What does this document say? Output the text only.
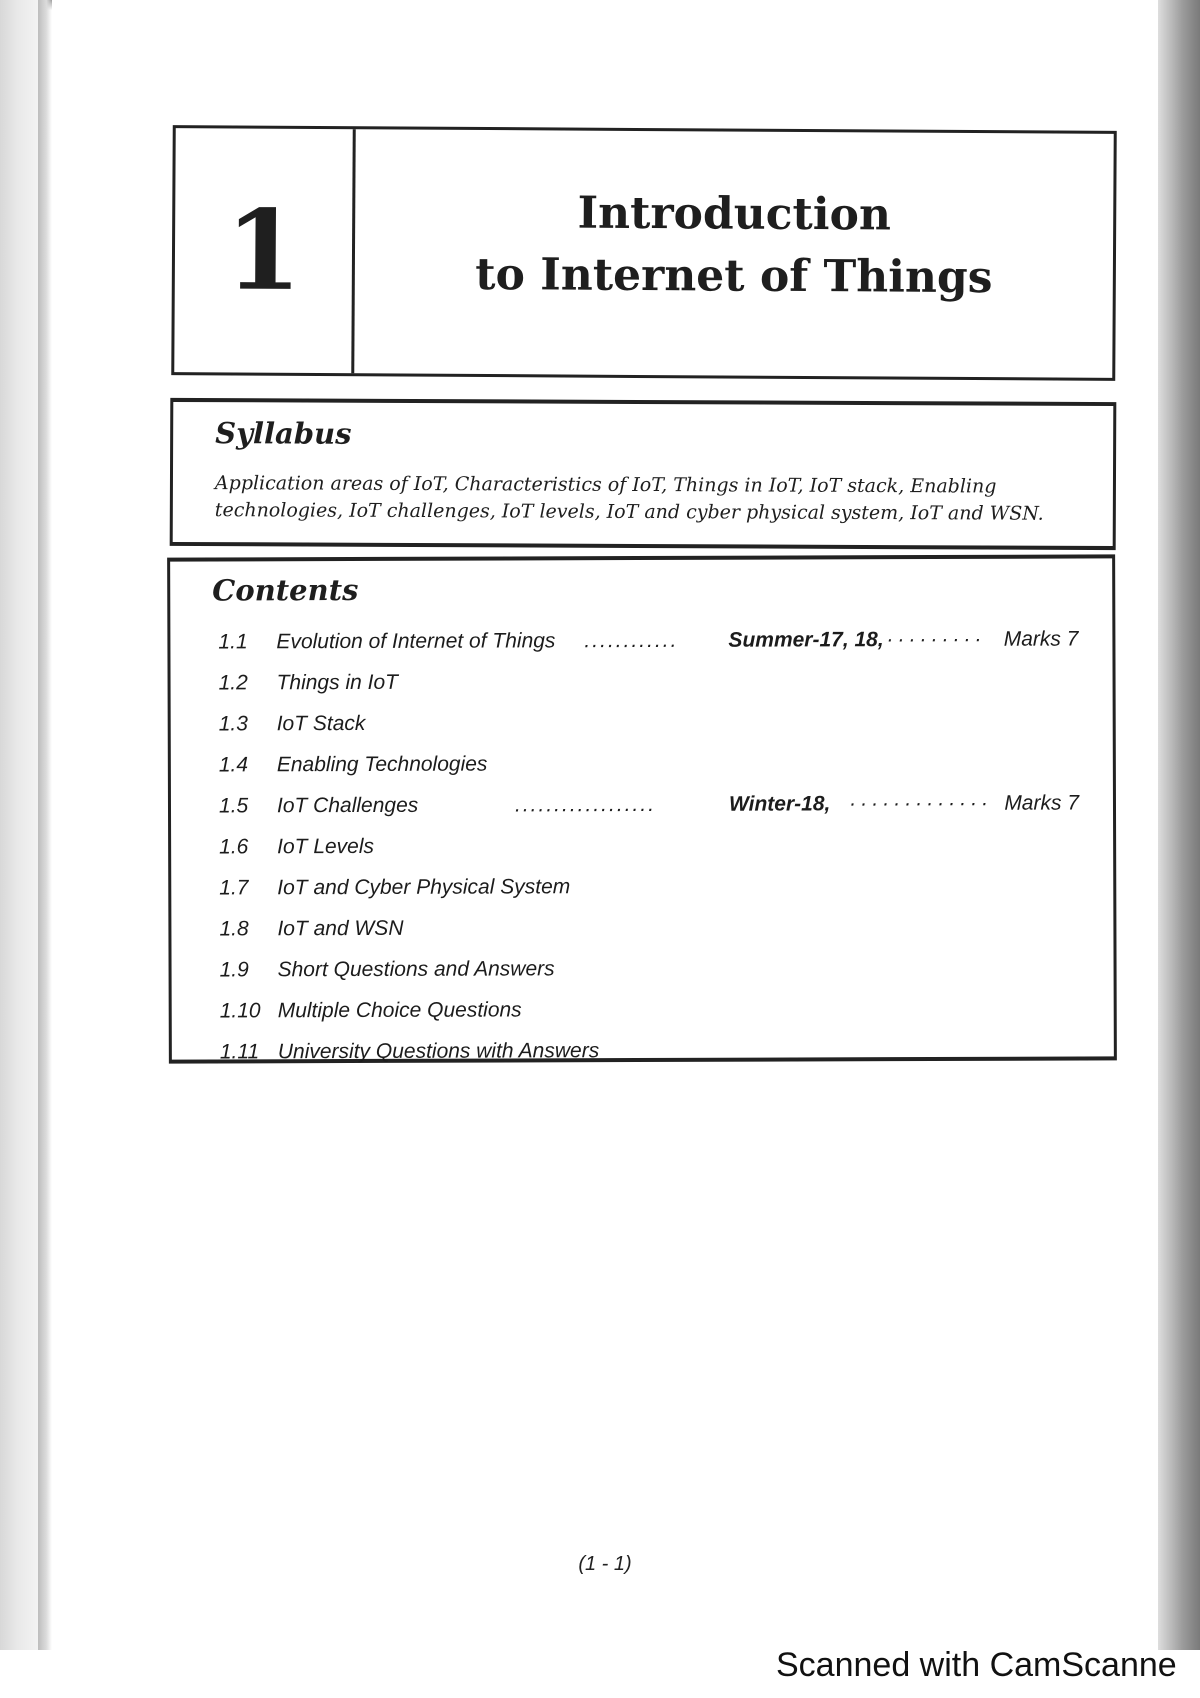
1	Introduction
to Internet of Things
Syllabus
Application areas of IoT, Characteristics of IoT, Things in IoT, IoT stack, Enabling technologies, IoT challenges, IoT levels, IoT and cyber physical system, IoT and WSN.
Contents
1.1	Evolution of Internet of Things ............	Summer-17, 18, ········· Marks 7
1.2	Things in IoT
1.3	IoT Stack
1.4	Enabling Technologies
1.5	IoT Challenges	..................	Winter-18, ············· Marks 7
1.6	IoT Levels
1.7	IoT and Cyber Physical System
1.8	IoT and WSN
1.9	Short Questions and Answers
1.10 Multiple Choice Questions
1.11 University Questions with Answers
(1 - 1)
Scanned with CamScanne
